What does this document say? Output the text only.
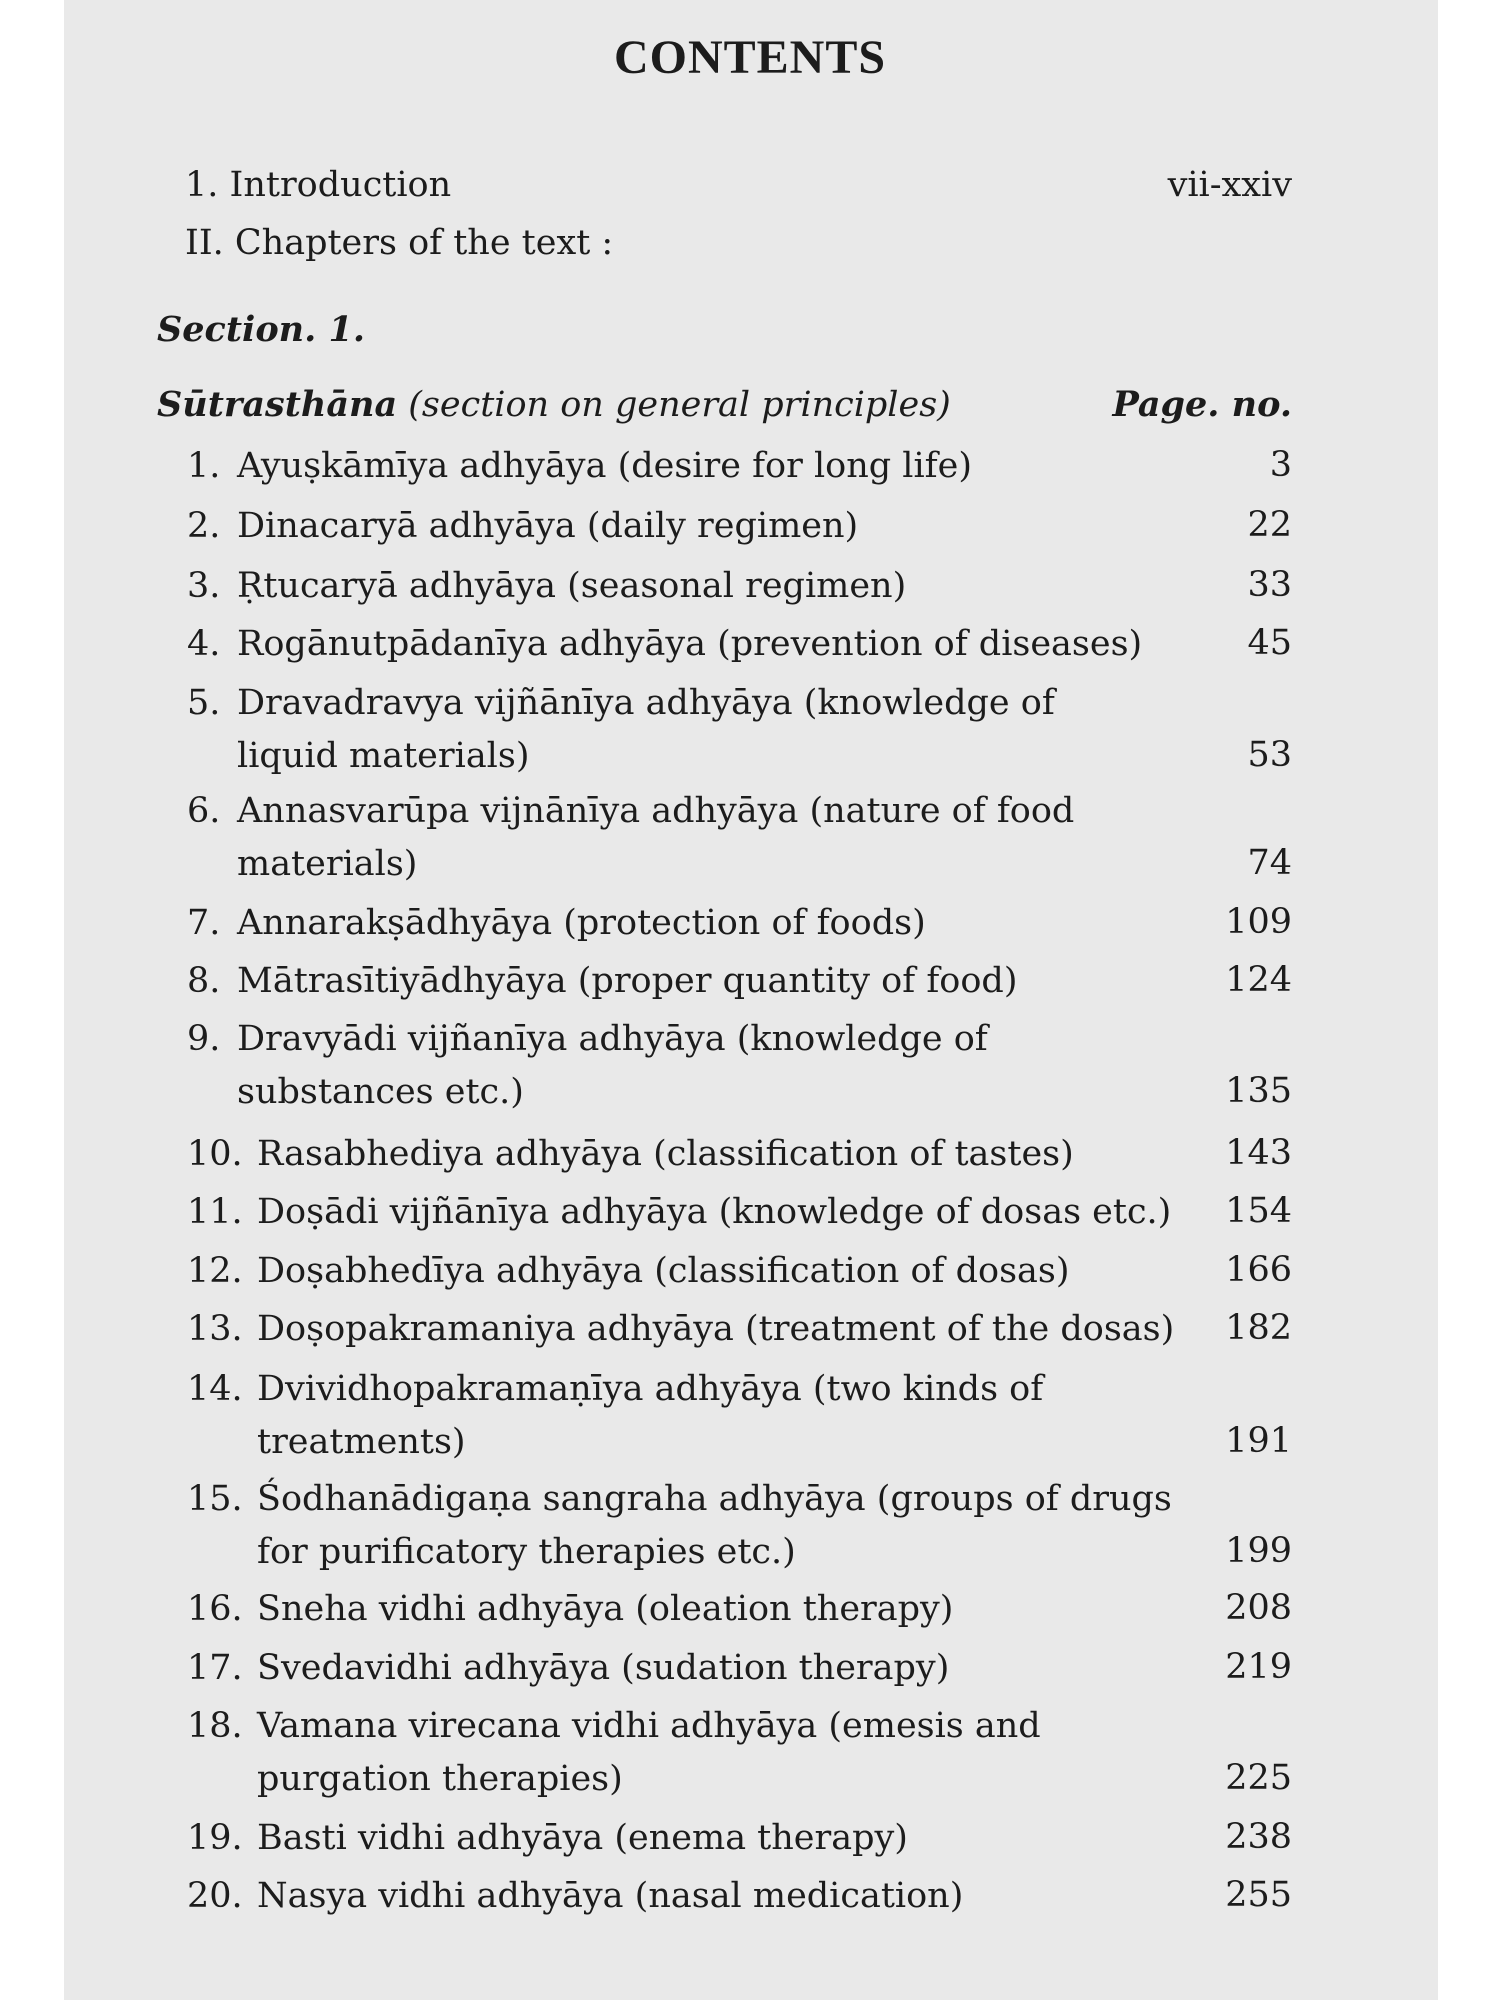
CONTENTS
1. Introduction	vii-xxiv
II. Chapters of the text :
Section. 1.
Sūtrasthāna (section on general principles)	Page. no.
1. Ayuṣkāmīya adhyāya (desire for long life)	3
2. Dinacaryā adhyāya (daily regimen)	22
3. Ṛtucaryā adhyāya (seasonal regimen)	33
4. Rogānutpādanīya adhyāya (prevention of diseases)	45
5. Dravadravya vijñānīya adhyāya (knowledge of
liquid materials)	53
6. Annasvarūpa vijnānīya adhyāya (nature of food
materials)	74
7. Annarakṣādhyāya (protection of foods)	109
8. Mātrasītiyādhyāya (proper quantity of food)	124
9. Dravyādi vijñanīya adhyāya (knowledge of
substances etc.)	135
10. Rasabhediya adhyāya (classification of tastes)	143
11. Doṣādi vijñānīya adhyāya (knowledge of dosas etc.) 154
12. Doṣabhedīya adhyāya (classification of dosas)	166
13. Doṣopakramaniya adhyāya (treatment of the dosas) 182
14. Dvividhopakramaṇīya adhyāya (two kinds of
treatments)	191
15. Śodhanādigaṇa sangraha adhyāya (groups of drugs
for purificatory therapies etc.)	199
16. Sneha vidhi adhyāya (oleation therapy)	208
17. Svedavidhi adhyāya (sudation therapy)	219
18. Vamana virecana vidhi adhyāya (emesis and
purgation therapies)	225
19. Basti vidhi adhyāya (enema therapy)	238
20. Nasya vidhi adhyāya (nasal medication)	255
